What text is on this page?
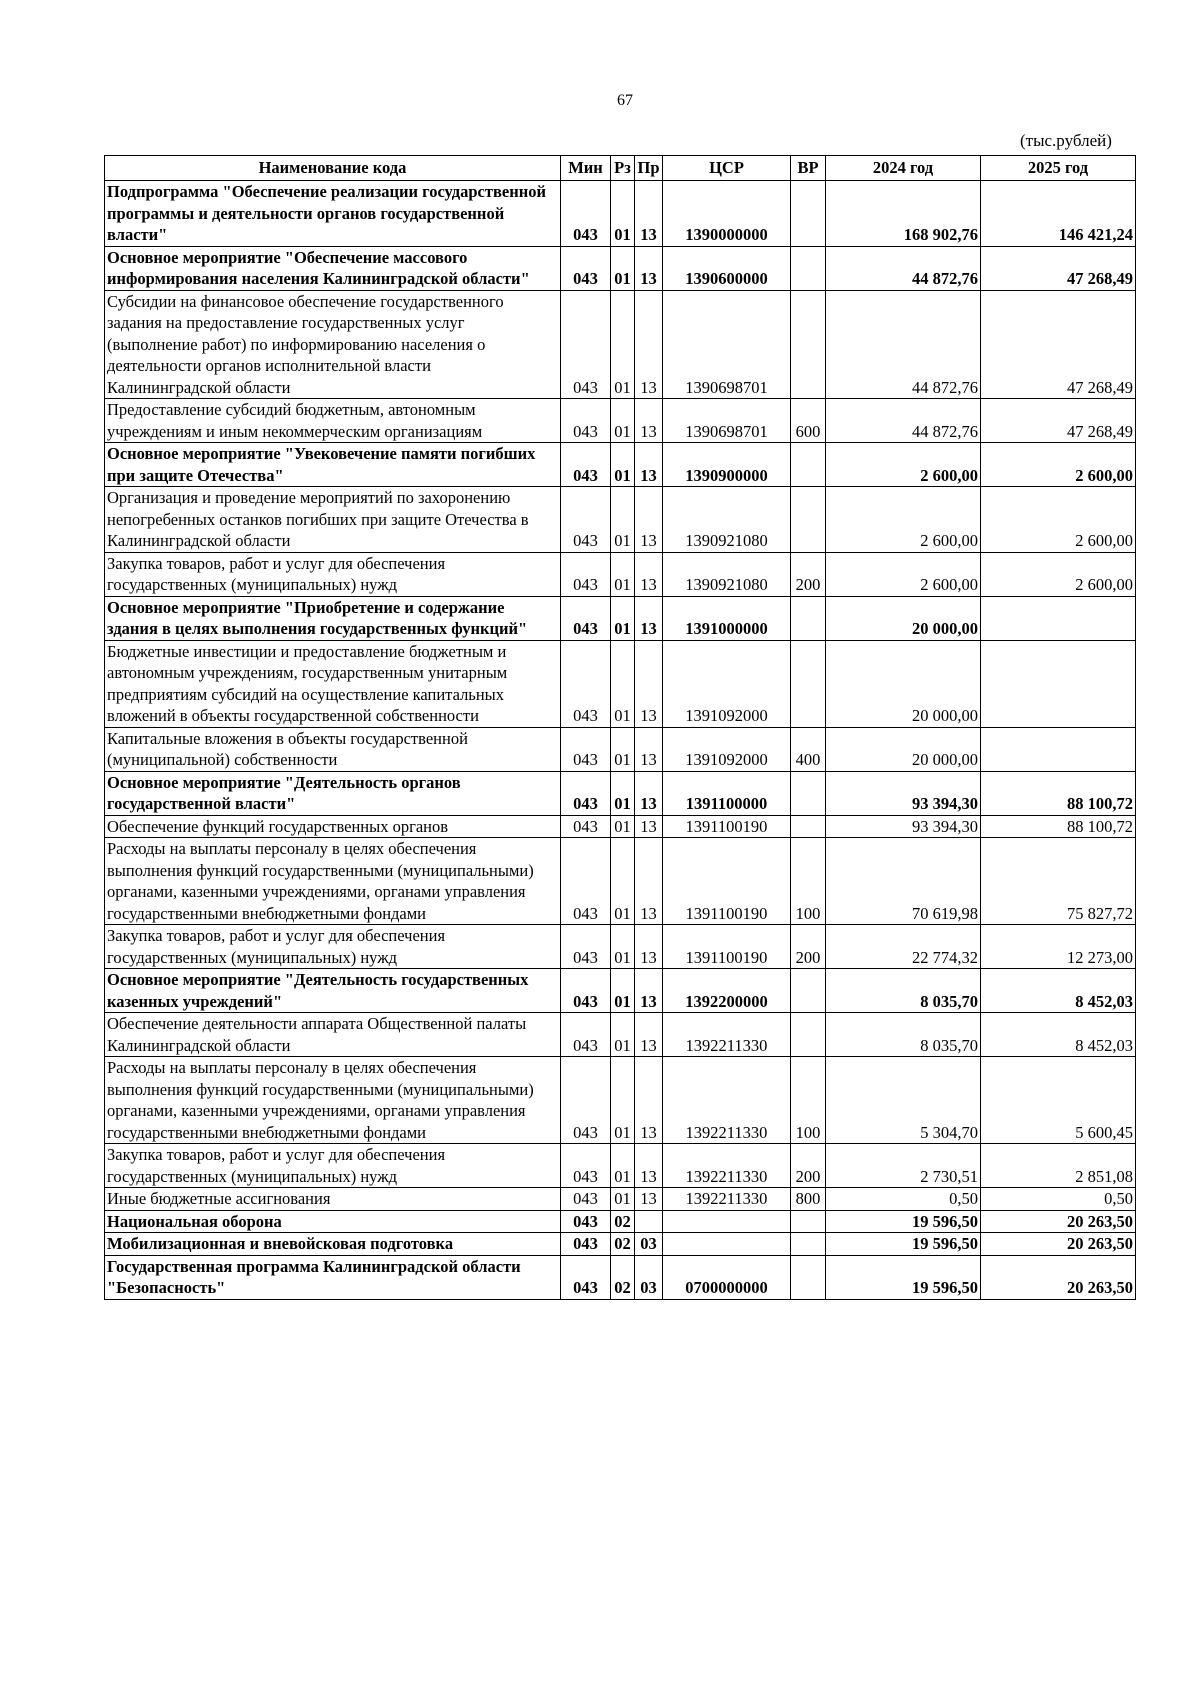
67
(тыс.рублей)
Наименование кода	Мин	Рз	Пр	ЦСР	ВР	2024 год	2025 год
Подпрограмма "Обеспечение реализации государственной программы и деятельности органов государственной власти"	043	01	13	1390000000		168 902,76	146 421,24
Основное мероприятие "Обеспечение массового информирования населения Калининградской области"	043	01	13	1390600000		44 872,76	47 268,49
Субсидии на финансовое обеспечение государственного задания на предоставление государственных услуг (выполнение работ) по информированию населения о деятельности органов исполнительной власти Калининградской области	043	01	13	1390698701		44 872,76	47 268,49
Предоставление субсидий бюджетным, автономным учреждениям и иным некоммерческим организациям	043	01	13	1390698701	600	44 872,76	47 268,49
Основное мероприятие "Увековечение памяти погибших при защите Отечества"	043	01	13	1390900000		2 600,00	2 600,00
Организация и проведение мероприятий по захоронению непогребенных останков погибших при защите Отечества в Калининградской области	043	01	13	1390921080		2 600,00	2 600,00
Закупка товаров, работ и услуг для обеспечения государственных (муниципальных) нужд	043	01	13	1390921080	200	2 600,00	2 600,00
Основное мероприятие "Приобретение и содержание здания в целях выполнения государственных функций"	043	01	13	1391000000		20 000,00	
Бюджетные инвестиции и предоставление бюджетным и автономным учреждениям, государственным унитарным предприятиям субсидий на осуществление капитальных вложений в объекты государственной собственности	043	01	13	1391092000		20 000,00	
Капитальные вложения в объекты государственной (муниципальной) собственности	043	01	13	1391092000	400	20 000,00	
Основное мероприятие "Деятельность органов государственной власти"	043	01	13	1391100000		93 394,30	88 100,72
Обеспечение функций государственных органов	043	01	13	1391100190		93 394,30	88 100,72
Расходы на выплаты персоналу в целях обеспечения выполнения функций государственными (муниципальными) органами, казенными учреждениями, органами управления государственными внебюджетными фондами	043	01	13	1391100190	100	70 619,98	75 827,72
Закупка товаров, работ и услуг для обеспечения государственных (муниципальных) нужд	043	01	13	1391100190	200	22 774,32	12 273,00
Основное мероприятие "Деятельность государственных казенных учреждений"	043	01	13	1392200000		8 035,70	8 452,03
Обеспечение деятельности аппарата Общественной палаты Калининградской области	043	01	13	1392211330		8 035,70	8 452,03
Расходы на выплаты персоналу в целях обеспечения выполнения функций государственными (муниципальными) органами, казенными учреждениями, органами управления государственными внебюджетными фондами	043	01	13	1392211330	100	5 304,70	5 600,45
Закупка товаров, работ и услуг для обеспечения государственных (муниципальных) нужд	043	01	13	1392211330	200	2 730,51	2 851,08
Иные бюджетные ассигнования	043	01	13	1392211330	800	0,50	0,50
Национальная оборона	043	02				19 596,50	20 263,50
Мобилизационная и вневойсковая подготовка	043	02	03			19 596,50	20 263,50
Государственная программа Калининградской области "Безопасность"	043	02	03	0700000000		19 596,50	20 263,50
